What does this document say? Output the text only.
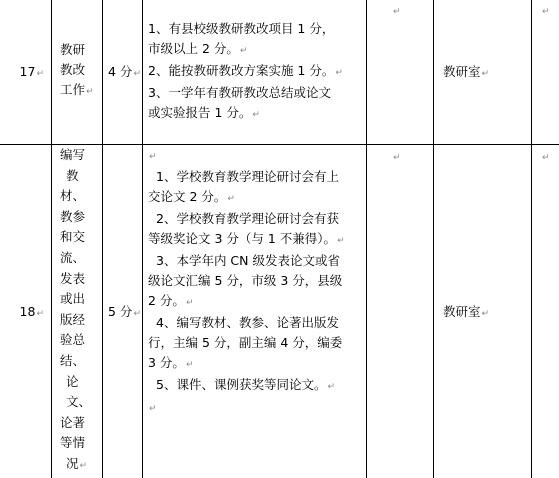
17↵
教研
教改
工作↵
4 分↵
1、有县校级教研教改项目 1 分，
市级以上 2 分。↵
2、能按教研教改方案实施 1 分。↵
3、一学年有教研教改总结或论文
或实验报告 1 分。↵
↵
教研室↵
↵
18↵
编写
教
材、
教参
和交
流、
发表
或出
版经
验总
结、
论
文、
论著
等情
况↵
5 分↵
↵
1、学校教育教学理论研讨会有上
交论文 2 分。↵
2、学校教育教学理论研讨会有获
等级奖论文 3 分（与 1 不兼得）。↵
3、本学年内 CN 级发表论文或省
级论文汇编 5 分，市级 3 分，县级
2 分。↵
4、编写教材、教参、论著出版发
行，主编 5 分，副主编 4 分，编委
3 分。↵
5、课件、课例获奖等同论文。↵
↵
↵
教研室↵
↵
